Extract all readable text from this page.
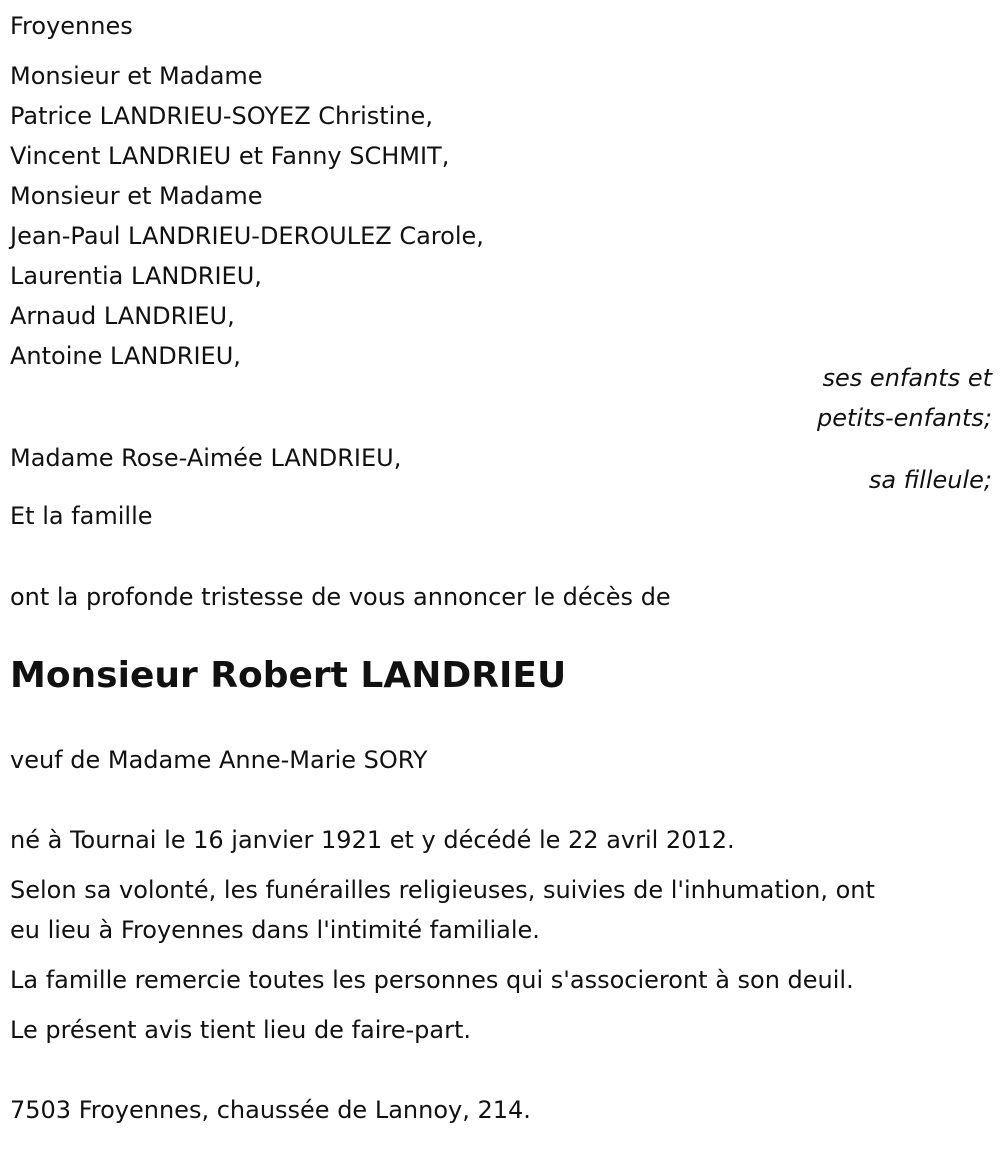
Froyennes
Monsieur et Madame
Patrice LANDRIEU-SOYEZ Christine,
Vincent LANDRIEU et Fanny SCHMIT,
Monsieur et Madame
Jean-Paul LANDRIEU-DEROULEZ Carole,
Laurentia LANDRIEU,
Arnaud LANDRIEU,
Antoine LANDRIEU,
ses enfants et
petits-enfants;
Madame Rose-Aimée LANDRIEU,
sa filleule;
Et la famille
ont la profonde tristesse de vous annoncer le décès de
Monsieur Robert LANDRIEU
veuf de Madame Anne-Marie SORY
né à Tournai le 16 janvier 1921 et y décédé le 22 avril 2012.
Selon sa volonté, les funérailles religieuses, suivies de l'inhumation, ont
eu lieu à Froyennes dans l'intimité familiale.
La famille remercie toutes les personnes qui s'associeront à son deuil.
Le présent avis tient lieu de faire-part.
7503 Froyennes, chaussée de Lannoy, 214.
